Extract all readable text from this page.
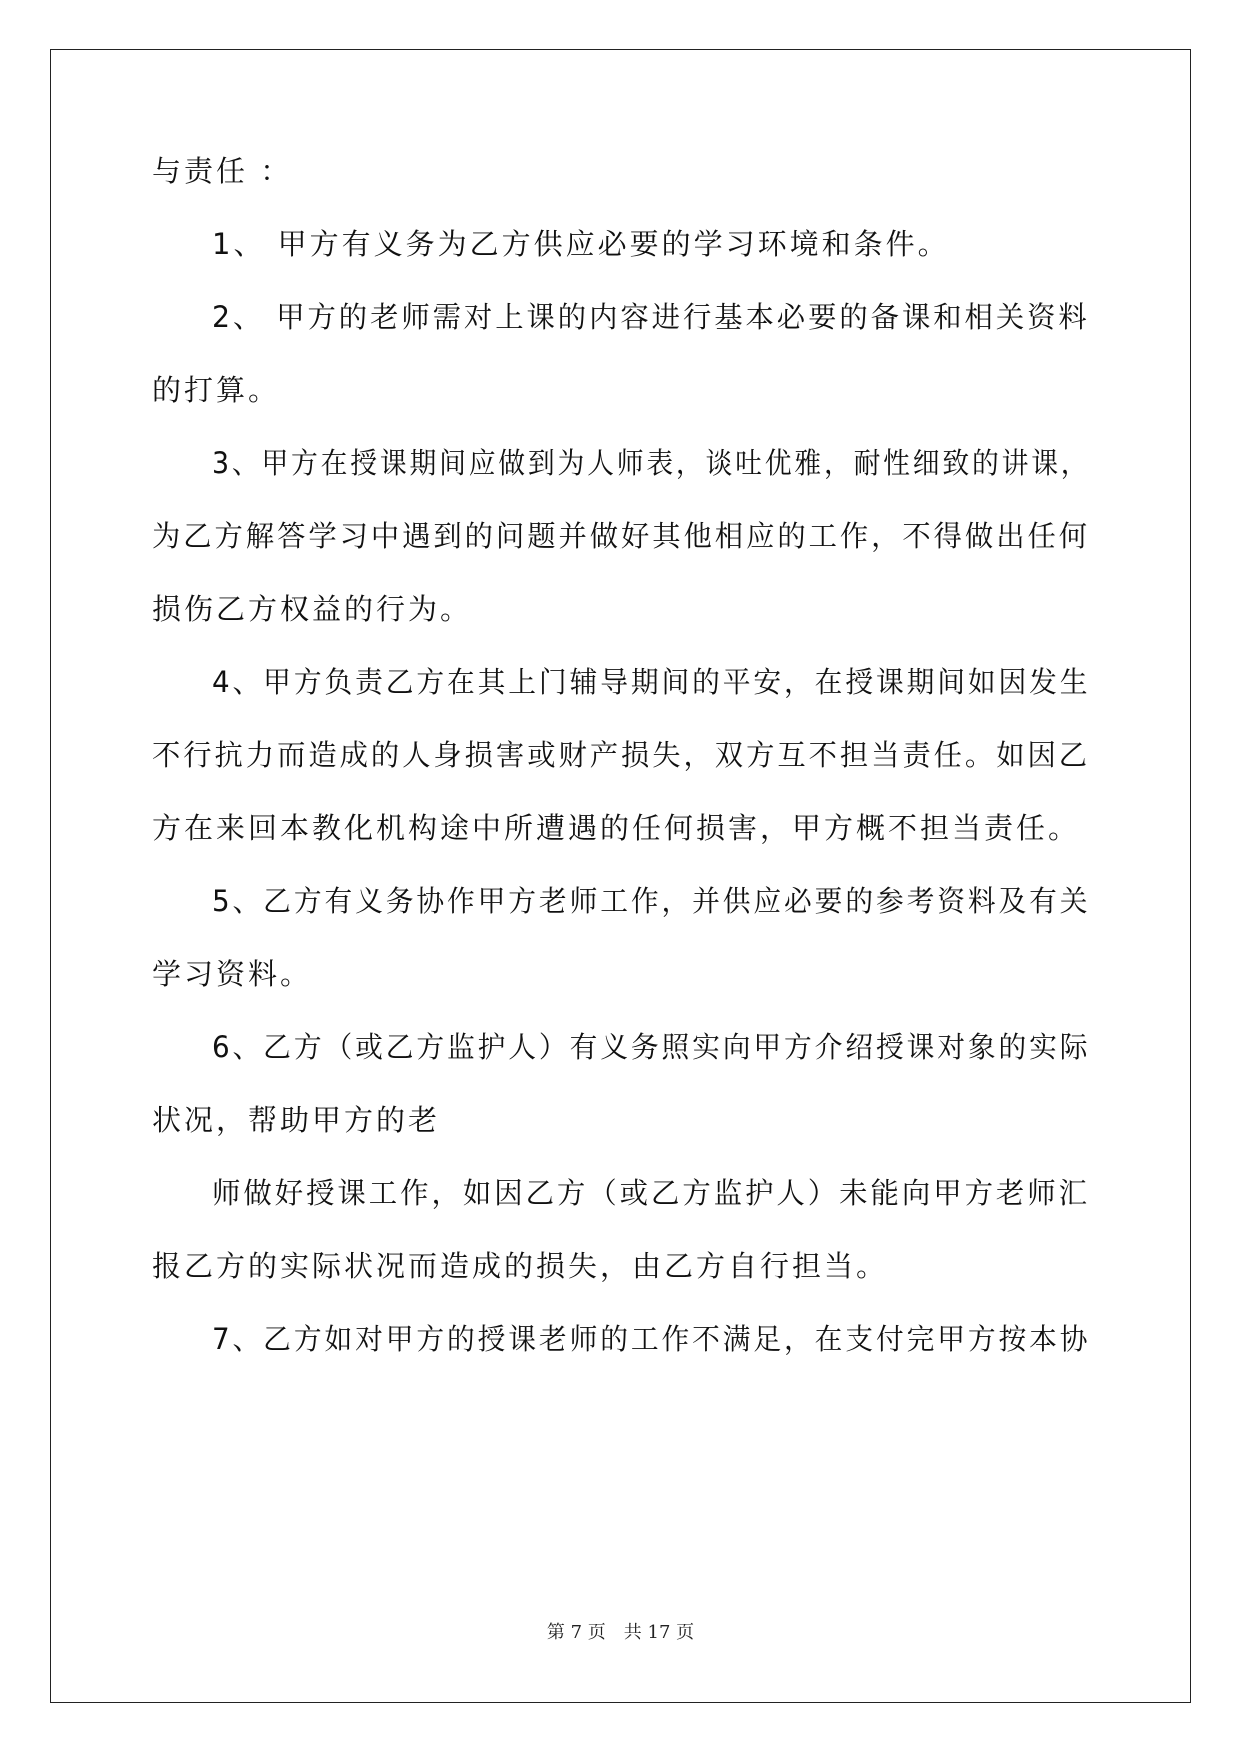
与责任 ：
1、 甲方有义务为乙方供应必要的学习环境和条件。
2、 甲方的老师需对上课的内容进行基本必要的备课和相关资料
的打算。
3、甲方在授课期间应做到为人师表，谈吐优雅，耐性细致的讲课，
为乙方解答学习中遇到的问题并做好其他相应的工作，不得做出任何
损伤乙方权益的行为。
4、甲方负责乙方在其上门辅导期间的平安，在授课期间如因发生
不行抗力而造成的人身损害或财产损失，双方互不担当责任。如因乙
方在来回本教化机构途中所遭遇的任何损害，甲方概不担当责任。
5、乙方有义务协作甲方老师工作，并供应必要的参考资料及有关
学习资料。
6、乙方（或乙方监护人）有义务照实向甲方介绍授课对象的实际
状况，帮助甲方的老
师做好授课工作，如因乙方（或乙方监护人）未能向甲方老师汇
报乙方的实际状况而造成的损失，由乙方自行担当。
7、乙方如对甲方的授课老师的工作不满足，在支付完甲方按本协
第 7 页　共 17 页
